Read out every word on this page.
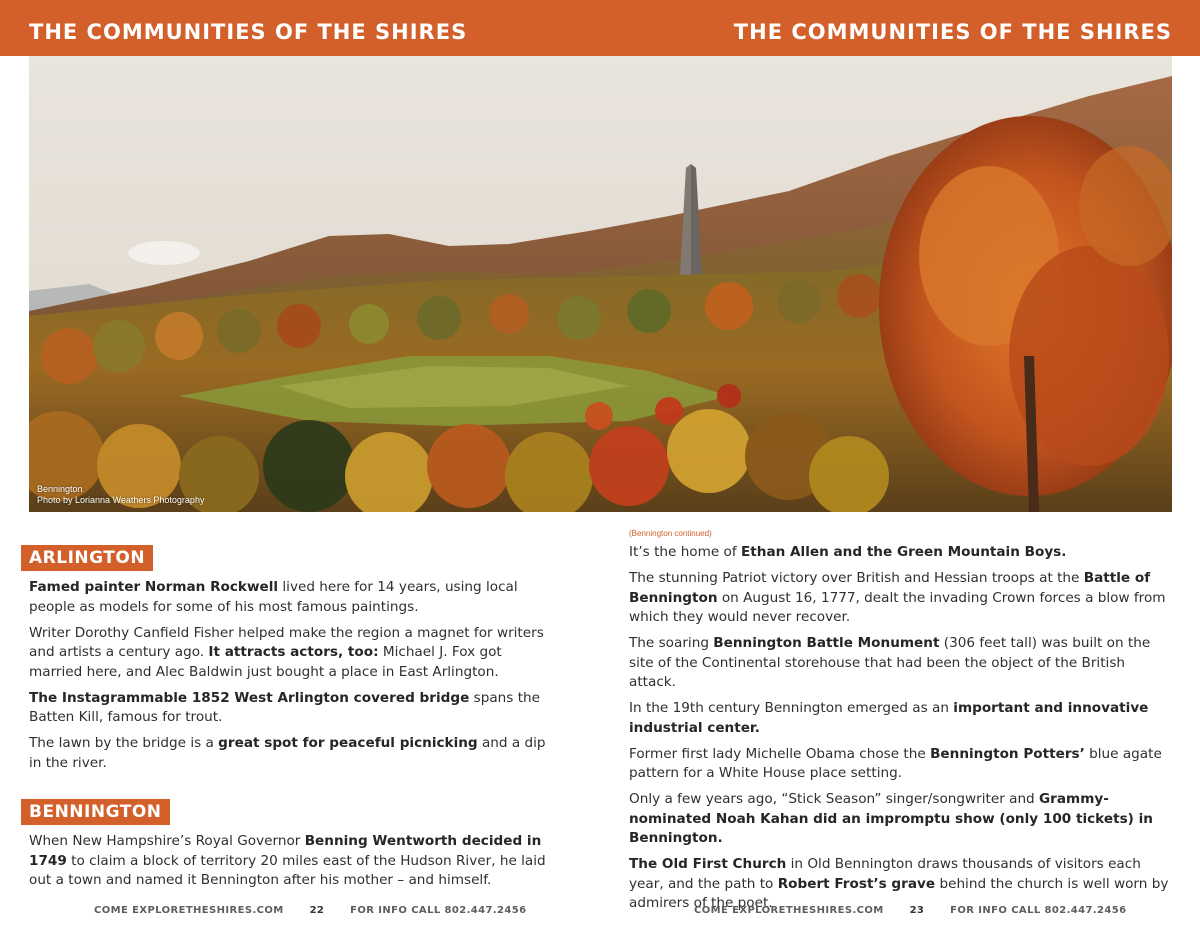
THE COMMUNITIES OF THE SHIRES	THE COMMUNITIES OF THE SHIRES
Bennington
Photo by Lorianna Weathers Photography
ARLINGTON

Famed painter Norman Rockwell lived here for 14 years, using local people as models for some of his most famous paintings.

Writer Dorothy Canfield Fisher helped make the region a magnet for writers and artists a century ago. It attracts actors, too: Michael J. Fox got married here, and Alec Baldwin just bought a place in East Arlington.

The Instagrammable 1852 West Arlington covered bridge spans the Batten Kill, famous for trout.

The lawn by the bridge is a great spot for peaceful picnicking and a dip in the river.

BENNINGTON

When New Hampshire’s Royal Governor Benning Wentworth decided in 1749 to claim a block of territory 20 miles east of the Hudson River, he laid out a town and named it Bennington after his mother – and himself.

(Bennington continued)

It’s the home of Ethan Allen and the Green Mountain Boys.

The stunning Patriot victory over British and Hessian troops at the Battle of Bennington on August 16, 1777, dealt the invading Crown forces a blow from which they would never recover.

The soaring Bennington Battle Monument (306 feet tall) was built on the site of the Continental storehouse that had been the object of the British attack.

In the 19th century Bennington emerged as an important and innovative industrial center.

Former first lady Michelle Obama chose the Bennington Potters’ blue agate pattern for a White House place setting.

Only a few years ago, “Stick Season” singer/songwriter and Grammy-nominated Noah Kahan did an impromptu show (only 100 tickets) in Bennington.

The Old First Church in Old Bennington draws thousands of visitors each year, and the path to Robert Frost’s grave behind the church is well worn by admirers of the poet.

COME EXPLORETHESHIRES.COM	22	FOR INFO CALL 802.447.2456	COME EXPLORETHESHIRES.COM	23	FOR INFO CALL 802.447.2456
